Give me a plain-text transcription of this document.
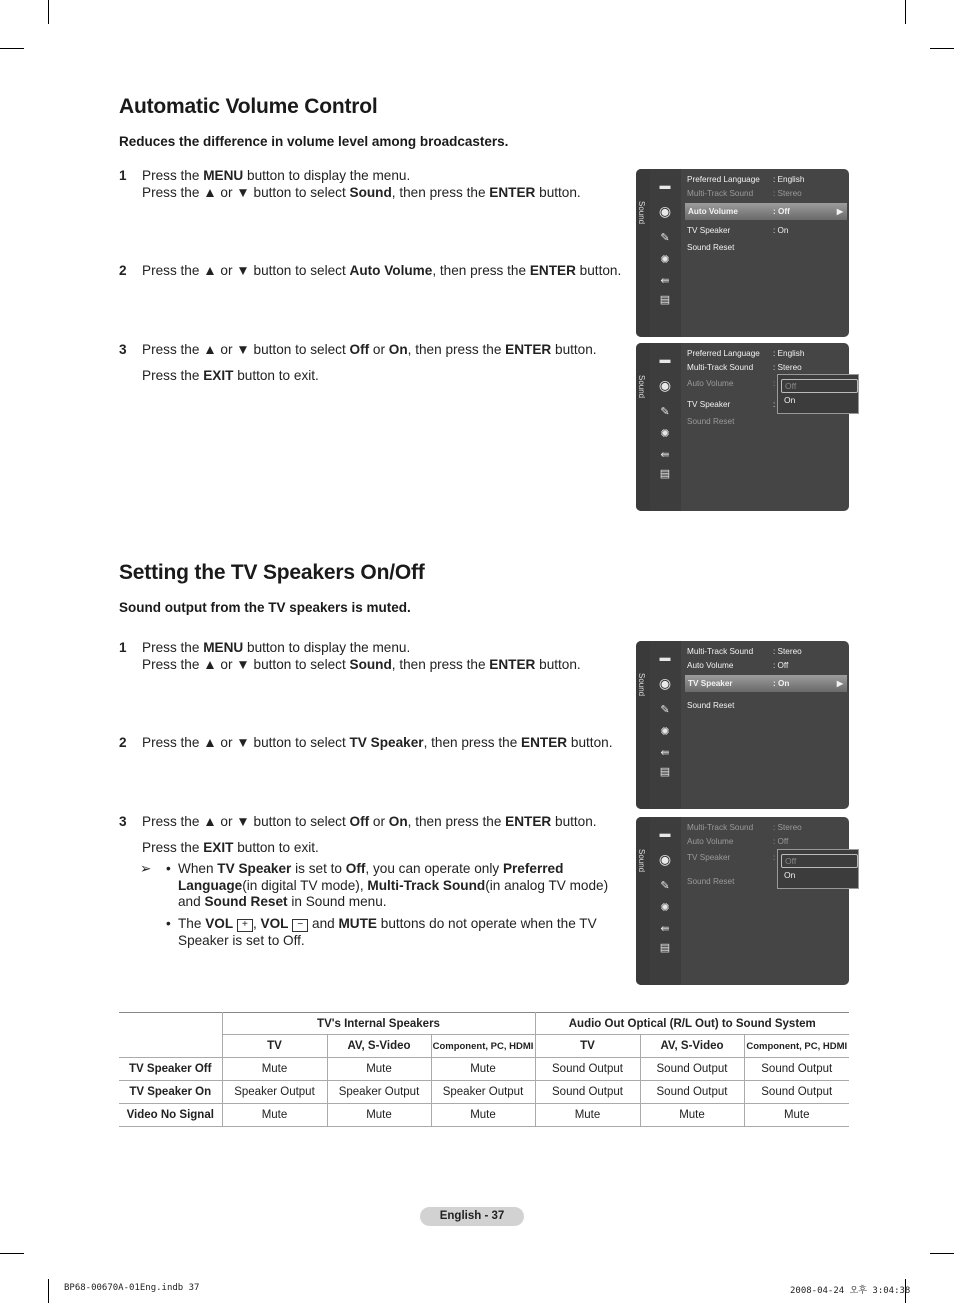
Automatic Volume Control
Reduces the difference in volume level among broadcasters.
1 Press the MENU button to display the menu.
Press the ▲ or ▼ button to select Sound, then press the ENTER button.
2 Press the ▲ or ▼ button to select Auto Volume, then press the ENTER button.
3 Press the ▲ or ▼ button to select Off or On, then press the ENTER button.
Press the EXIT button to exit.
Sound
▬
◉
✎
✺
⇚
▤
Preferred Language : English
Multi-Track Sound : Stereo
Auto Volume	: Off	▶
TV Speaker	: On
Sound Reset
Sound
▬
◉
✎
✺
⇚
▤
Preferred Language : English
Multi-Track Sound : Stereo
Auto Volume	:
TV Speaker	:
Sound Reset
Off
On
Sound
▬
◉
✎
✺
⇚
▤
Multi-Track Sound : Stereo
Auto Volume	: Off
TV Speaker	: On	▶
Sound Reset
Sound
▬
◉
✎
✺
⇚
▤
Multi-Track Sound : Stereo
Auto Volume	: Off
TV Speaker	:
Sound Reset
Off
On
Setting the TV Speakers On/Off
Sound output from the TV speakers is muted.
1 Press the MENU button to display the menu.
Press the ▲ or ▼ button to select Sound, then press the ENTER button.
2 Press the ▲ or ▼ button to select TV Speaker, then press the ENTER button.
3 Press the ▲ or ▼ button to select Off or On, then press the ENTER button.
Press the EXIT button to exit.
➢ • When TV Speaker is set to Off, you can operate only Preferred
Language(in digital TV mode), Multi-Track Sound(in analog TV mode)
and Sound Reset in Sound menu.
• The VOL + , VOL − and MUTE buttons do not operate when the TV
Speaker is set to Off.
	TV's Internal Speakers			Audio Out Optical (R/L Out) to Sound System		
	TV	AV, S-Video	Component, PC, HDMI	TV	AV, S-Video	Component, PC, HDMI
TV Speaker Off	Mute	Mute	Mute	Sound Output	Sound Output	Sound Output
TV Speaker On	Speaker Output	Speaker Output	Speaker Output	Sound Output	Sound Output	Sound Output
Video No Signal	Mute	Mute	Mute	Mute	Mute	Mute
English - 37
BP68-00670A-01Eng.indb 37	2008-04-24 오후 3:04:38
